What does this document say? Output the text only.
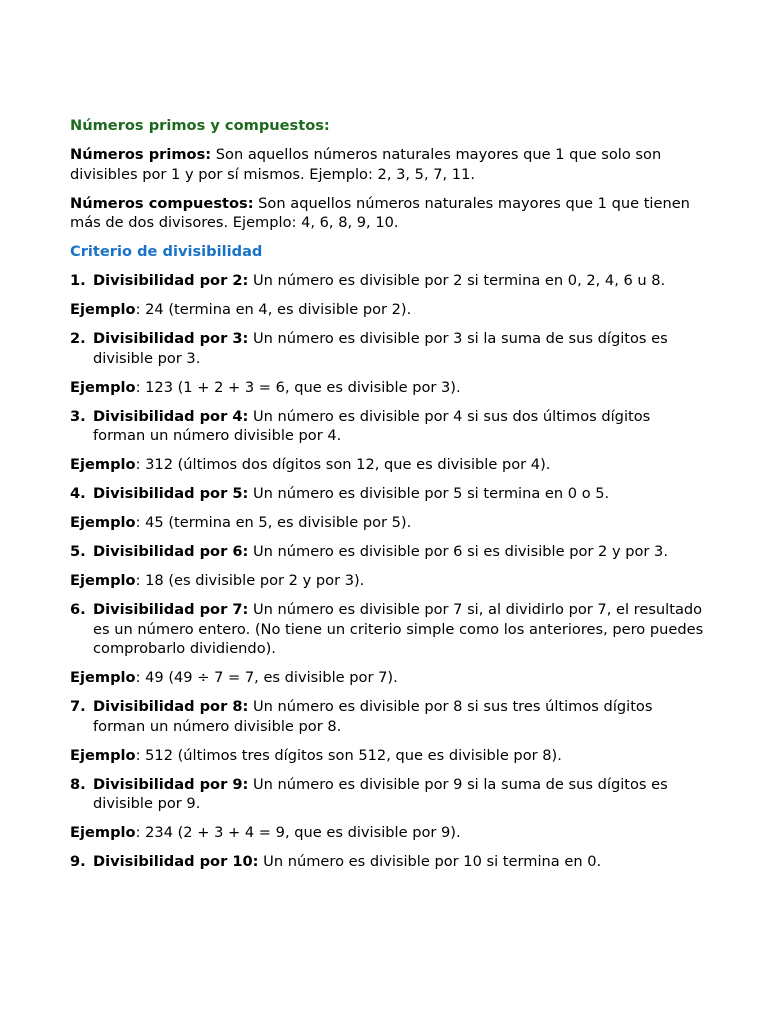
Números primos y compuestos:

Números primos: Son aquellos números naturales mayores que 1 que solo son divisibles por 1 y por sí mismos. Ejemplo: 2, 3, 5, 7, 11.

Números compuestos: Son aquellos números naturales mayores que 1 que tienen más de dos divisores. Ejemplo: 4, 6, 8, 9, 10.

Criterio de divisibilidad
1. Divisibilidad por 2: Un número es divisible por 2 si termina en 0, 2, 4, 6 u 8.

Ejemplo: 24 (termina en 4, es divisible por 2).

2. Divisibilidad por 3: Un número es divisible por 3 si la suma de sus dígitos es divisible por 3.

Ejemplo: 123 (1 + 2 + 3 = 6, que es divisible por 3).

3. Divisibilidad por 4: Un número es divisible por 4 si sus dos últimos dígitos forman un número divisible por 4.

Ejemplo: 312 (últimos dos dígitos son 12, que es divisible por 4).

4. Divisibilidad por 5: Un número es divisible por 5 si termina en 0 o 5.

Ejemplo: 45 (termina en 5, es divisible por 5).

5. Divisibilidad por 6: Un número es divisible por 6 si es divisible por 2 y por 3.

Ejemplo: 18 (es divisible por 2 y por 3).

6. Divisibilidad por 7: Un número es divisible por 7 si, al dividirlo por 7, el resultado es un número entero. (No tiene un criterio simple como los anteriores, pero puedes comprobarlo dividiendo).

Ejemplo: 49 (49 ÷ 7 = 7, es divisible por 7).

7. Divisibilidad por 8: Un número es divisible por 8 si sus tres últimos dígitos forman un número divisible por 8.

Ejemplo: 512 (últimos tres dígitos son 512, que es divisible por 8).

8. Divisibilidad por 9: Un número es divisible por 9 si la suma de sus dígitos es divisible por 9.

Ejemplo: 234 (2 + 3 + 4 = 9, que es divisible por 9).

9. Divisibilidad por 10: Un número es divisible por 10 si termina en 0.
